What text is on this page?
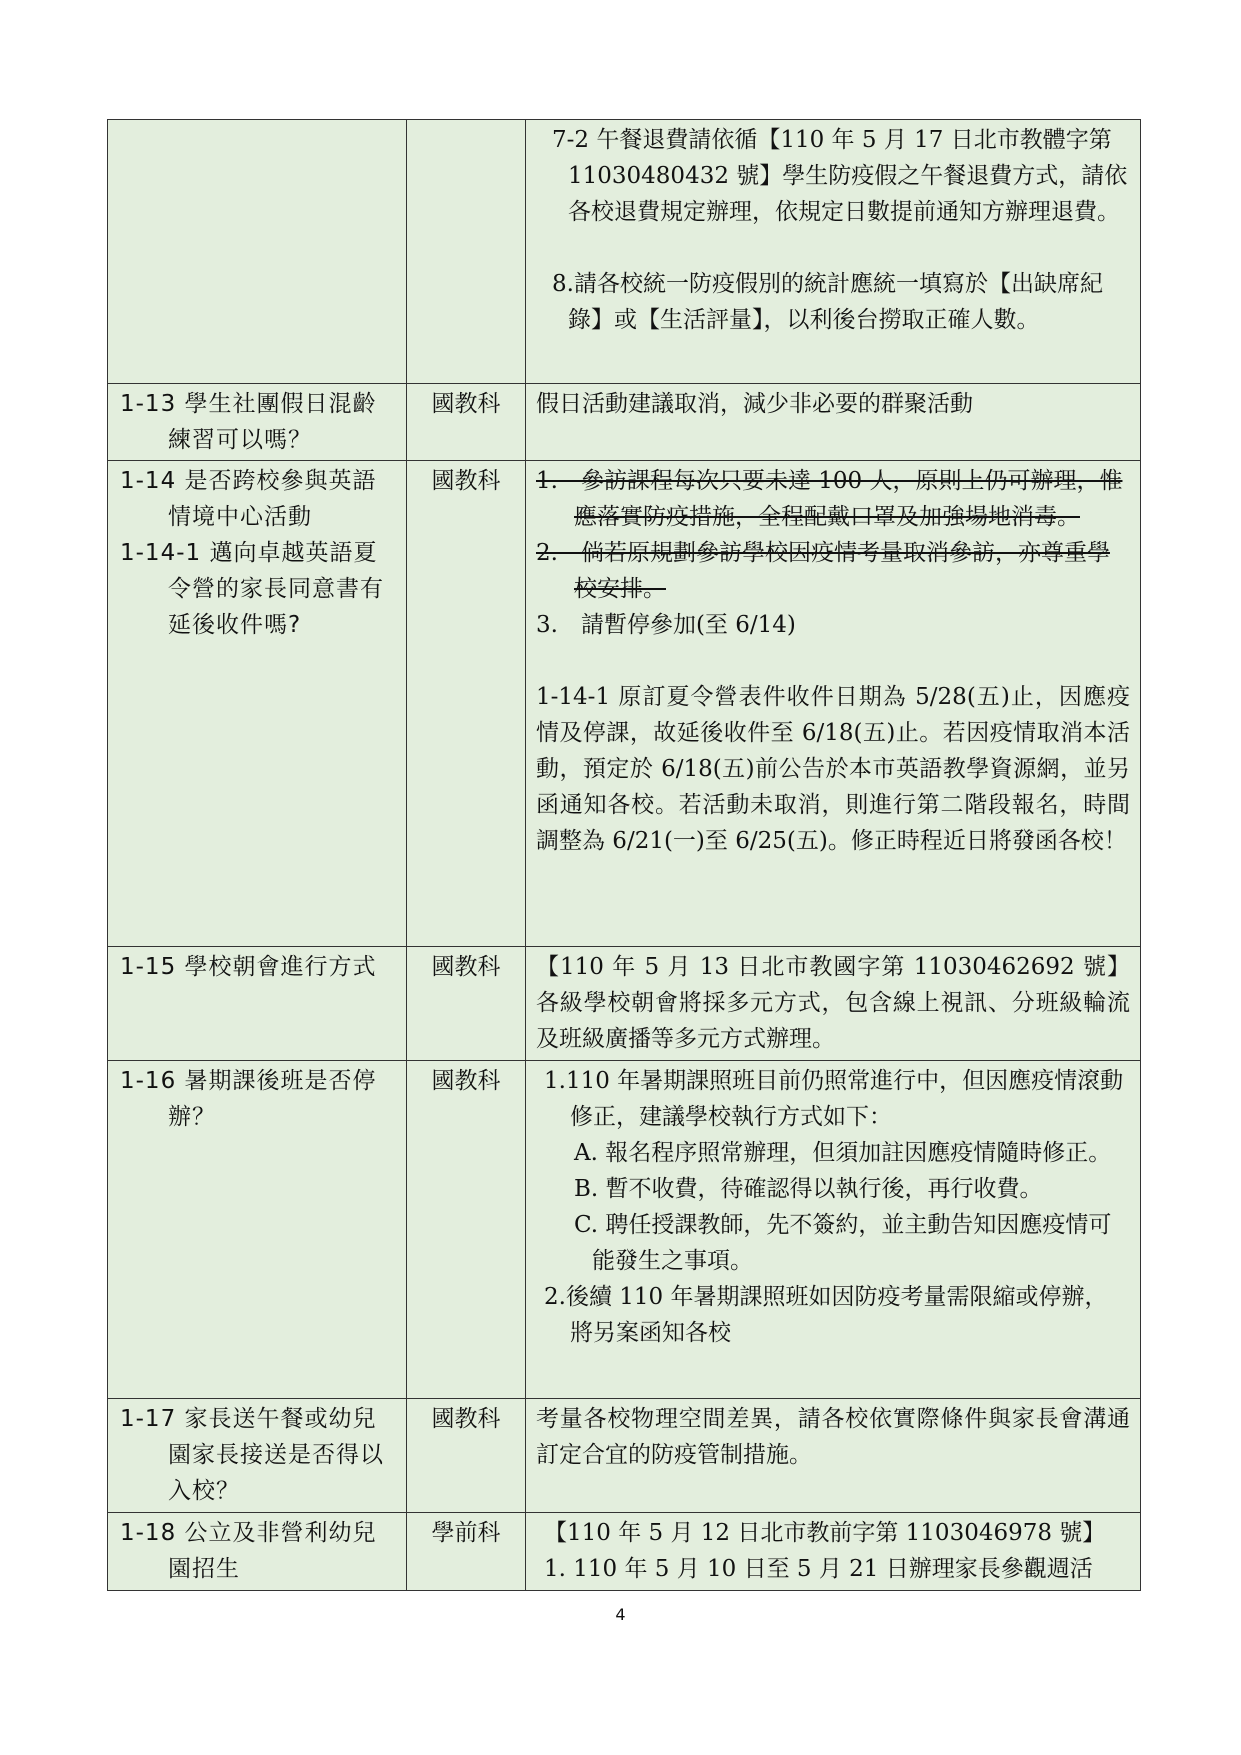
		7-2 午餐退費請依循【110 年 5 月 17 日北市教體字第 11030480432 號】學生防疫假之午餐退費方式，請依各校退費規定辦理，依規定日數提前通知方辦理退費。
8.請各校統一防疫假別的統計應統一填寫於【出缺席紀錄】或【生活評量】，以利後台撈取正確人數。

1-13 學生社團假日混齡練習可以嗎？	國教科	假日活動建議取消，減少非必要的群聚活動

1-14 是否跨校參與英語情境中心活動
1-14-1 邁向卓越英語夏令營的家長同意書有延後收件嗎?	國教科	1.　參訪課程每次只要未達 100 人，原則上仍可辦理，惟應落實防疫措施，全程配戴口罩及加強場地消毒。
2.　倘若原規劃參訪學校因疫情考量取消參訪，亦尊重學校安排。
3.　請暫停參加(至 6/14)
1-14-1 原訂夏令營表件收件日期為 5/28(五)止，因應疫情及停課，故延後收件至 6/18(五)止。若因疫情取消本活動，預定於 6/18(五)前公告於本市英語教學資源網，並另函通知各校。若活動未取消，則進行第二階段報名，時間調整為 6/21(一)至 6/25(五)。修正時程近日將發函各校！

1-15 學校朝會進行方式	國教科	【110 年 5 月 13 日北市教國字第 11030462692 號】各級學校朝會將採多元方式，包含線上視訊、分班級輪流及班級廣播等多元方式辦理。

1-16 暑期課後班是否停辦？	國教科	1.110 年暑期課照班目前仍照常進行中，但因應疫情滾動修正，建議學校執行方式如下：
A. 報名程序照常辦理，但須加註因應疫情隨時修正。
B. 暫不收費，待確認得以執行後，再行收費。
C. 聘任授課教師，先不簽約，並主動告知因應疫情可能發生之事項。
2.後續 110 年暑期課照班如因防疫考量需限縮或停辦，將另案函知各校

1-17 家長送午餐或幼兒園家長接送是否得以入校？	國教科	考量各校物理空間差異，請各校依實際條件與家長會溝通訂定合宜的防疫管制措施。

1-18 公立及非營利幼兒園招生	學前科	【110 年 5 月 12 日北市教前字第 1103046978 號】
1. 110 年 5 月 10 日至 5 月 21 日辦理家長參觀週活
4
